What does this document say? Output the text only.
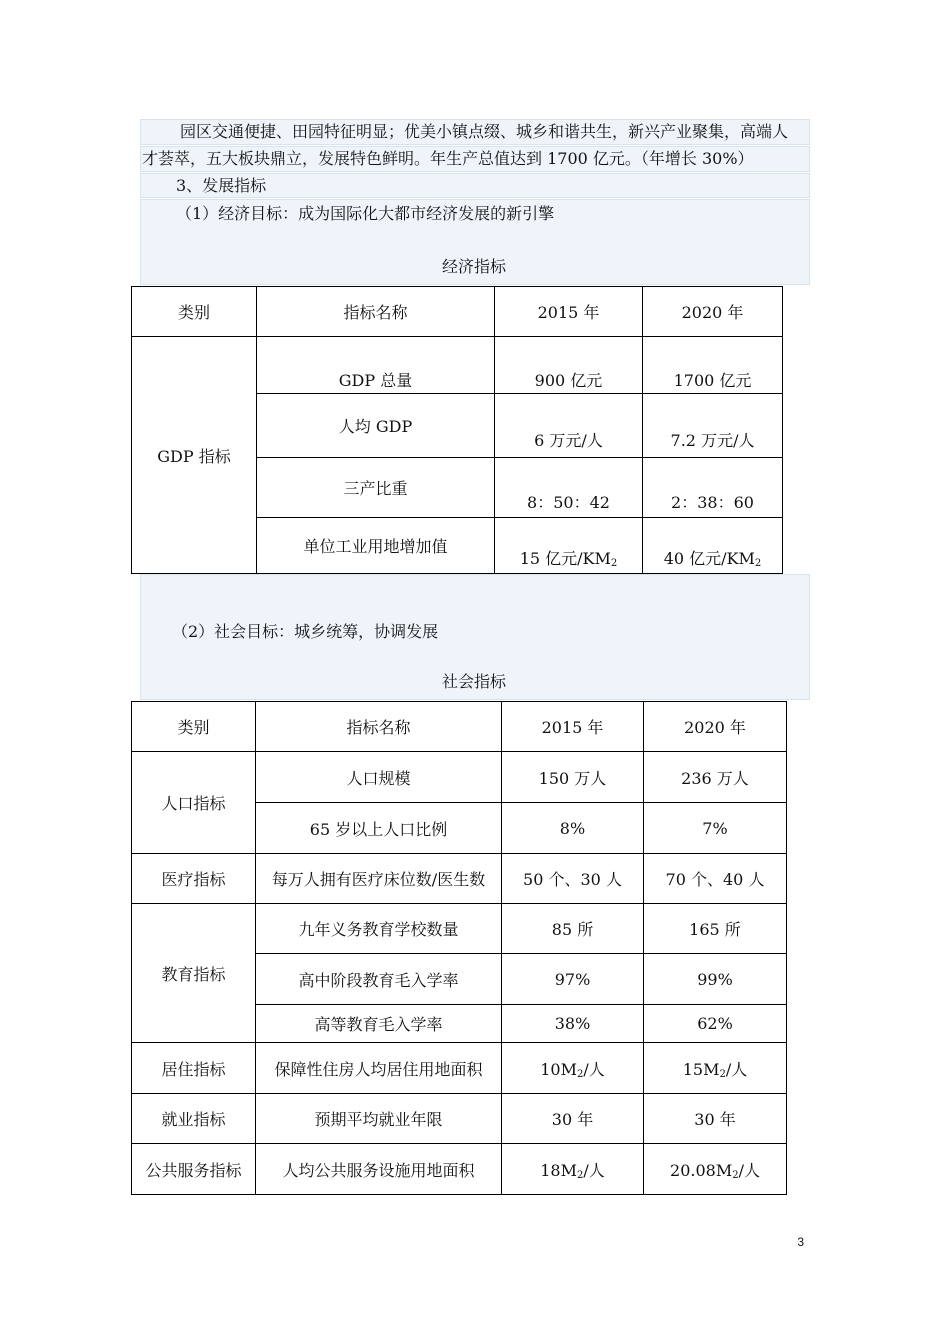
园区交通便捷、田园特征明显；优美小镇点缀、城乡和谐共生，新兴产业聚集，高端人
才荟萃，五大板块鼎立，发展特色鲜明。年生产总值达到 1700 亿元。（年增长 30%）
3、发展指标
（1）经济目标：成为国际化大都市经济发展的新引擎
经济指标
类别	指标名称	2015 年	2020 年
GDP 指标	GDP 总量	900 亿元	1700 亿元
	人均 GDP	6 万元/人	7.2 万元/人
	三产比重	8：50：42	2：38：60
	单位工业用地增加值	15 亿元$/KM_2$	40 亿元$/KM_2$
（2）社会目标：城乡统筹，协调发展
社会指标
类别	指标名称	2015 年	2020 年
人口指标	人口规模	150 万人	236 万人
	65 岁以上人口比例	8%	7%
医疗指标	每万人拥有医疗床位数/医生数	50 个、30 人	70 个、40 人
教育指标	九年义务教育学校数量	85 所	165 所
	高中阶段教育毛入学率	97%	99%
	高等教育毛入学率	38%	62%
居住指标	保障性住房人均居住用地面积	$10M_2/$人	$15M_2/$人
就业指标	预期平均就业年限	30 年	30 年
公共服务指标	人均公共服务设施用地面积	$18M_2/$人	$20.08M_2/$人
3
